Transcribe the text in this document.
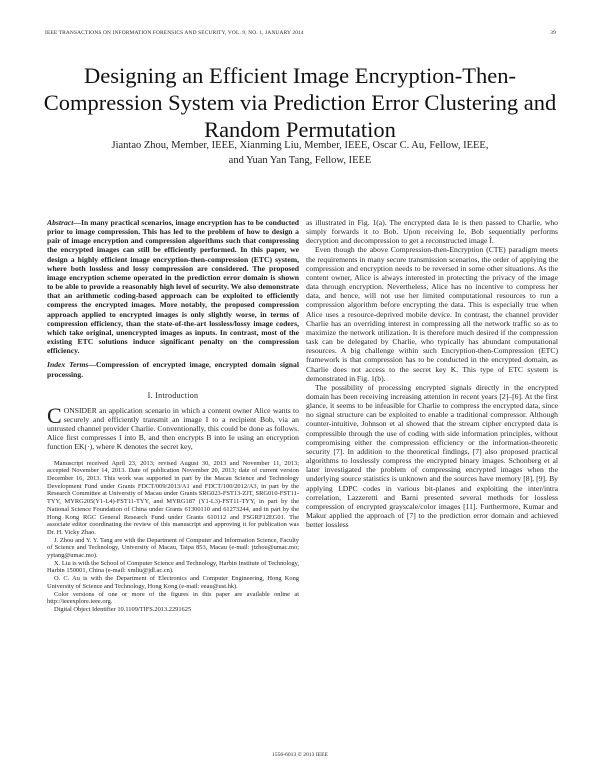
IEEE TRANSACTIONS ON INFORMATION FORENSICS AND SECURITY, VOL. 9, NO. 1, JANUARY 2014	39
Designing an Efficient Image Encryption-Then-Compression System via Prediction Error Clustering and Random Permutation
Jiantao Zhou, Member, IEEE, Xianming Liu, Member, IEEE, Oscar C. Au, Fellow, IEEE,
and Yuan Yan Tang, Fellow, IEEE

Abstract—In many practical scenarios, image encryption has to be conducted prior to image compression. This has led to the problem of how to design a pair of image encryption and compression algorithms such that compressing the encrypted images can still be efficiently performed. In this paper, we design a highly efficient image encryption-then-compression (ETC) system, where both lossless and lossy compression are considered. The proposed image encryption scheme operated in the prediction error domain is shown to be able to provide a reasonably high level of security. We also demonstrate that an arithmetic coding-based approach can be exploited to efficiently compress the encrypted images. More notably, the proposed compression approach applied to encrypted images is only slightly worse, in terms of compression efficiency, than the state-of-the-art lossless/lossy image coders, which take original, unencrypted images as inputs. In contrast, most of the existing ETC solutions induce significant penalty on the compression efficiency.

Index Terms—Compression of encrypted image, encrypted domain signal processing.

I. Introduction

CONSIDER an application scenario in which a content owner Alice wants to securely and efficiently transmit an image I to a recipient Bob, via an untrusted channel provider Charlie. Conventionally, this could be done as follows. Alice first compresses I into B, and then encrypts B into Ie using an encryption function EK(·), where K denotes the secret key,

Manuscript received April 23, 2013; revised August 30, 2013 and November 11, 2013; accepted November 14, 2013. Date of publication November 20, 2013; date of current version December 16, 2013. This work was supported in part by the Macau Science and Technology Development Fund under Grants FDCT/009/2013/A1 and FDCT/100/2012/A3, in part by the Research Committee at University of Macau under Grants SRG023-FST13-ZJT, SRG010-FST11- TYY, MYRG205(Y1-L4)-FST11-TYY, and MYRG187 (Y1-L3)-FST11-TYY, in part by the National Science Foundation of China under Grants 61300110 and 61273244, and in part by the Hong Kong RGC General Research Fund under Grants 610112 and FSGRF12EG01. The associate editor coordinating the review of this manuscript and approving it for publication was Dr. H. Vicky Zhao.

J. Zhou and Y. Y. Tang are with the Department of Computer and Information Science, Faculty of Science and Technology, University of Macau, Taipa 853, Macau (e-mail: jtzhou@umac.mo; yytang@umac.mo).

X. Liu is with the School of Computer Science and Technology, Harbin Institute of Technology, Harbin 150001, China (e-mail: xmliu@jdl.ac.cn).

O. C. Au is with the Department of Electronics and Computer Engineering, Hong Kong University of Science and Technology, Hong Kong (e-mail: eeau@ust.hk).

Color versions of one or more of the figures in this paper are available online at http://ieeexplore.ieee.org.

Digital Object Identifier 10.1109/TIFS.2013.2291625

as illustrated in Fig. 1(a). The encrypted data Ie is then passed to Charlie, who simply forwards it to Bob. Upon receiving Ie, Bob sequentially performs decryption and decompression to get a reconstructed image Î.

Even though the above Compression-then-Encryption (CTE) paradigm meets the requirements in many secure transmission scenarios, the order of applying the compression and encryption needs to be reversed in some other situations. As the content owner, Alice is always interested in protecting the privacy of the image data through encryption. Nevertheless, Alice has no incentive to compress her data, and hence, will not use her limited computational resources to run a compression algorithm before encrypting the data. This is especially true when Alice uses a resource-deprived mobile device. In contrast, the channel provider Charlie has an overriding interest in compressing all the network traffic so as to maximize the network utilization. It is therefore much desired if the compression task can be delegated by Charlie, who typically has abundant computational resources. A big challenge within such Encryption-then-Compression (ETC) framework is that compression has to be conducted in the encrypted domain, as Charlie does not access to the secret key K. This type of ETC system is demonstrated in Fig. 1(b).

The possibility of processing encrypted signals directly in the encrypted domain has been receiving increasing attention in recent years [2]–[6]. At the first glance, it seems to be infeasible for Charlie to compress the encrypted data, since no signal structure can be exploited to enable a traditional compressor. Although counter-intuitive, Johnson et al showed that the stream cipher encrypted data is compressible through the use of coding with side information principles, without compromising either the compression efficiency or the information-theoretic security [7]. In addition to the theoretical findings, [7] also proposed practical algorithms to losslessly compress the encrypted binary images. Schonberg et al later investigated the problem of compressing encrypted images when the underlying source statistics is unknown and the sources have memory [8], [9]. By applying LDPC codes in various bit-planes and exploiting the inter/intra correlation, Lazzeretti and Barni presented several methods for lossless compression of encrypted grayscale/color images [11]. Furthermore, Kumar and Makur applied the approach of [7] to the prediction error domain and achieved better lossless

1556-6013 © 2013 IEEE
